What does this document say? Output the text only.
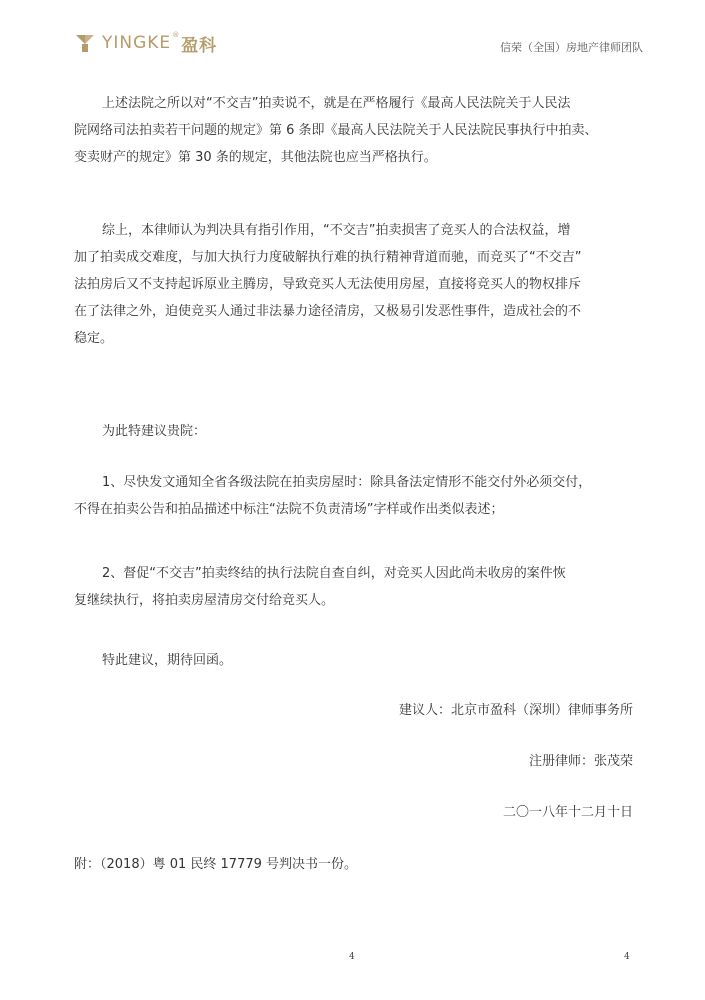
YINGKE®
盈科	信荣（全国）房地产律师团队
上述法院之所以对“不交吉”拍卖说不，就是在严格履行《最高人民法院关于人民法
院网络司法拍卖若干问题的规定》第 6 条即《最高人民法院关于人民法院民事执行中拍卖、
变卖财产的规定》第 30 条的规定，其他法院也应当严格执行。
综上，本律师认为判决具有指引作用，“不交吉”拍卖损害了竞买人的合法权益，增
加了拍卖成交难度，与加大执行力度破解执行难的执行精神背道而驰，而竞买了“不交吉”
法拍房后又不支持起诉原业主腾房，导致竞买人无法使用房屋，直接将竞买人的物权排斥
在了法律之外，迫使竞买人通过非法暴力途径清房，又极易引发恶性事件，造成社会的不
稳定。
为此特建议贵院：
1、尽快发文通知全省各级法院在拍卖房屋时：除具备法定情形不能交付外必须交付，
不得在拍卖公告和拍品描述中标注“法院不负责清场”字样或作出类似表述；
2、督促“不交吉”拍卖终结的执行法院自查自纠，对竞买人因此尚未收房的案件恢
复继续执行，将拍卖房屋清房交付给竞买人。
特此建议，期待回函。
建议人：北京市盈科（深圳）律师事务所
注册律师：张茂荣
二〇一八年十二月十日
附：（2018）粤 01 民终 17779 号判决书一份。
4	4
